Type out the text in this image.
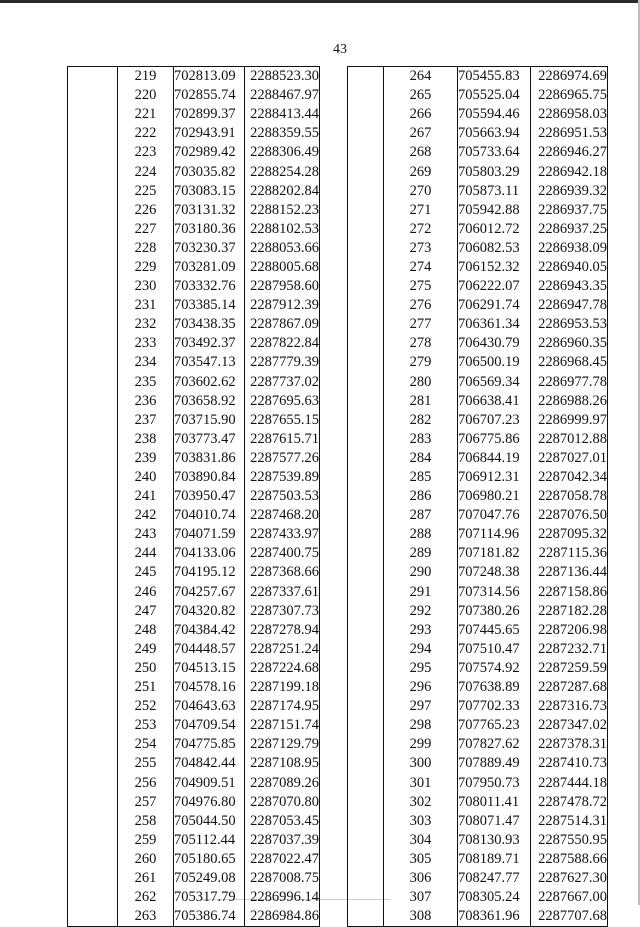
43
	219	702813.09	2288523.30
	220	702855.74	2288467.97
	221	702899.37	2288413.44
	222	702943.91	2288359.55
	223	702989.42	2288306.49
	224	703035.82	2288254.28
	225	703083.15	2288202.84
	226	703131.32	2288152.23
	227	703180.36	2288102.53
	228	703230.37	2288053.66
	229	703281.09	2288005.68
	230	703332.76	2287958.60
	231	703385.14	2287912.39
	232	703438.35	2287867.09
	233	703492.37	2287822.84
	234	703547.13	2287779.39
	235	703602.62	2287737.02
	236	703658.92	2287695.63
	237	703715.90	2287655.15
	238	703773.47	2287615.71
	239	703831.86	2287577.26
	240	703890.84	2287539.89
	241	703950.47	2287503.53
	242	704010.74	2287468.20
	243	704071.59	2287433.97
	244	704133.06	2287400.75
	245	704195.12	2287368.66
	246	704257.67	2287337.61
	247	704320.82	2287307.73
	248	704384.42	2287278.94
	249	704448.57	2287251.24
	250	704513.15	2287224.68
	251	704578.16	2287199.18
	252	704643.63	2287174.95
	253	704709.54	2287151.74
	254	704775.85	2287129.79
	255	704842.44	2287108.95
	256	704909.51	2287089.26
	257	704976.80	2287070.80
	258	705044.50	2287053.45
	259	705112.44	2287037.39
	260	705180.65	2287022.47
	261	705249.08	2287008.75
	262	705317.79	2286996.14
	263	705386.74	2286984.86
	264	705455.83	2286974.69
	265	705525.04	2286965.75
	266	705594.46	2286958.03
	267	705663.94	2286951.53
	268	705733.64	2286946.27
	269	705803.29	2286942.18
	270	705873.11	2286939.32
	271	705942.88	2286937.75
	272	706012.72	2286937.25
	273	706082.53	2286938.09
	274	706152.32	2286940.05
	275	706222.07	2286943.35
	276	706291.74	2286947.78
	277	706361.34	2286953.53
	278	706430.79	2286960.35
	279	706500.19	2286968.45
	280	706569.34	2286977.78
	281	706638.41	2286988.26
	282	706707.23	2286999.97
	283	706775.86	2287012.88
	284	706844.19	2287027.01
	285	706912.31	2287042.34
	286	706980.21	2287058.78
	287	707047.76	2287076.50
	288	707114.96	2287095.32
	289	707181.82	2287115.36
	290	707248.38	2287136.44
	291	707314.56	2287158.86
	292	707380.26	2287182.28
	293	707445.65	2287206.98
	294	707510.47	2287232.71
	295	707574.92	2287259.59
	296	707638.89	2287287.68
	297	707702.33	2287316.73
	298	707765.23	2287347.02
	299	707827.62	2287378.31
	300	707889.49	2287410.73
	301	707950.73	2287444.18
	302	708011.41	2287478.72
	303	708071.47	2287514.31
	304	708130.93	2287550.95
	305	708189.71	2287588.66
	306	708247.77	2287627.30
	307	708305.24	2287667.00
	308	708361.96	2287707.68
